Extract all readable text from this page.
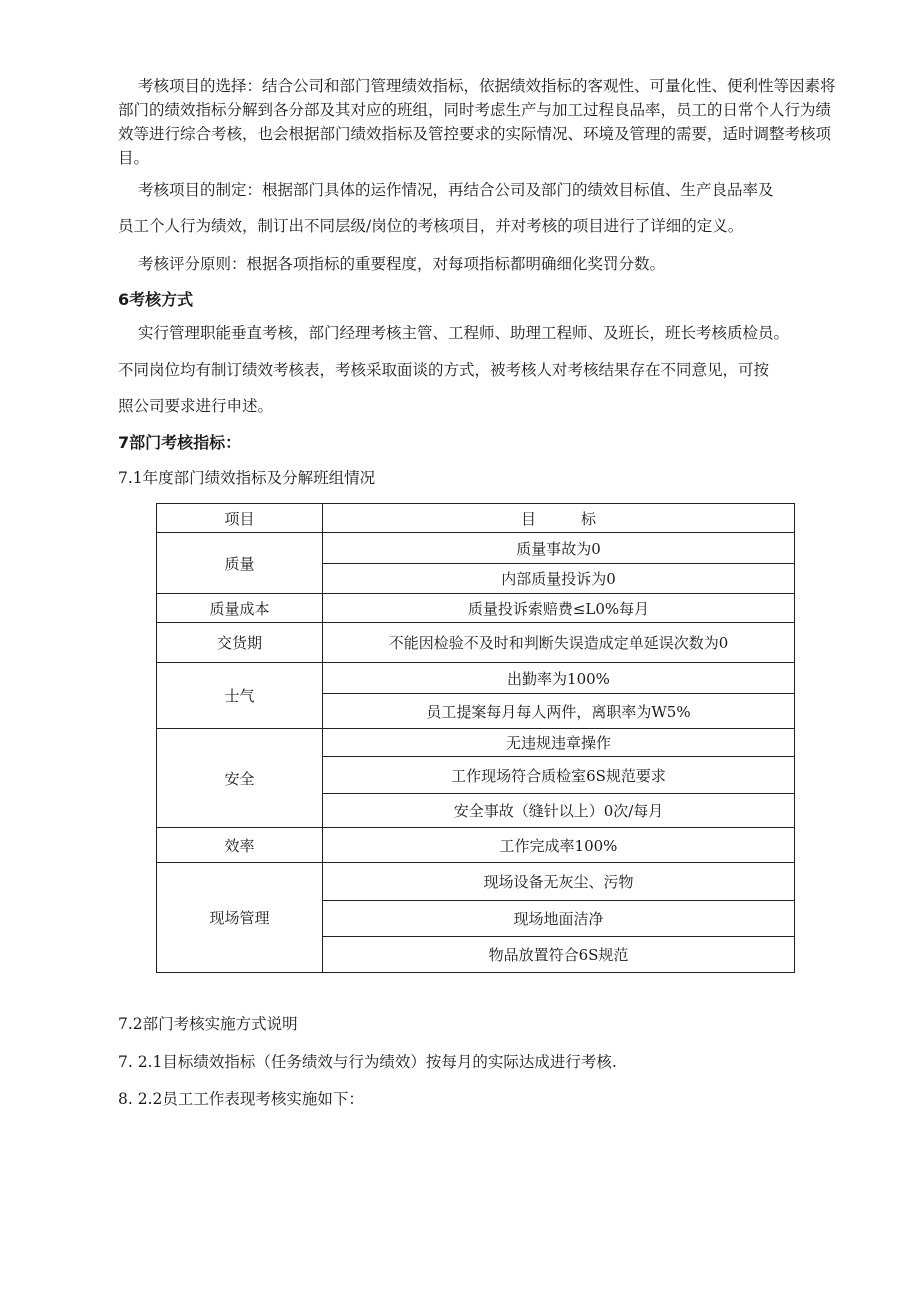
考核项目的选择：结合公司和部门管理绩效指标，依据绩效指标的客观性、可量化性、便利性等因素将部门的绩效指标分解到各分部及其对应的班组，同时考虑生产与加工过程良品率，员工的日常个人行为绩效等进行综合考核，也会根据部门绩效指标及管控要求的实际情况、环境及管理的需要，适时调整考核项目。

考核项目的制定：根据部门具体的运作情况，再结合公司及部门的绩效目标值、生产良品率及

员工个人行为绩效，制订出不同层级/岗位的考核项目，并对考核的项目进行了详细的定义。

考核评分原则：根据各项指标的重要程度，对每项指标都明确细化奖罚分数。

6考核方式

实行管理职能垂直考核，部门经理考核主管、工程师、助理工程师、及班长，班长考核质检员。

不同岗位均有制订绩效考核表，考核采取面谈的方式，被考核人对考核结果存在不同意见，可按

照公司要求进行申述。

7部门考核指标：

7.1年度部门绩效指标及分解班组情况

项目	目　　　标
质量	质量事故为0
	内部质量投诉为0
质量成本	质量投诉索赔费≤L0%每月
交货期	不能因检验不及时和判断失误造成定单延误次数为0
士气	出勤率为100%
	员工提案每月每人两件，离职率为W5%
安全	无违规违章操作
	工作现场符合质检室6S规范要求
	安全事故（缝针以上）0次/每月
效率	工作完成率100%
现场管理	现场设备无灰尘、污物
	现场地面洁净
	物品放置符合6S规范

7.2部门考核实施方式说明

7. 2.1目标绩效指标（任务绩效与行为绩效）按每月的实际达成进行考核.

8. 2.2员工工作表现考核实施如下：
